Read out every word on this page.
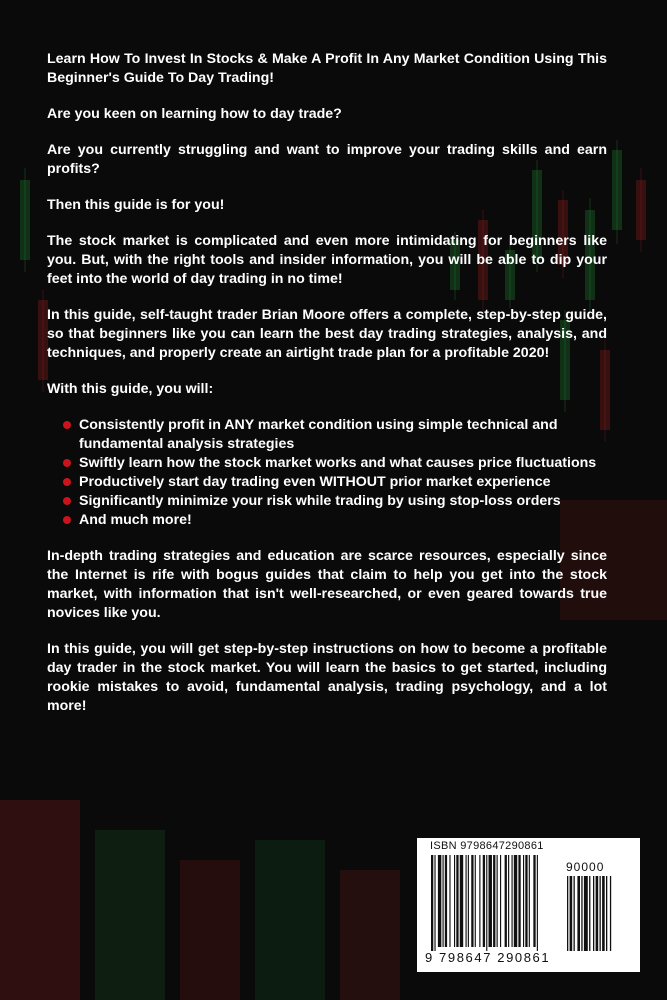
Learn How To Invest In Stocks & Make A Profit In Any Market Condition Using This Beginner's Guide To Day Trading!

Are you keen on learning how to day trade?

Are you currently struggling and want to improve your trading skills and earn profits?

Then this guide is for you!

The stock market is complicated and even more intimidating for beginners like you. But, with the right tools and insider information, you will be able to dip your feet into the world of day trading in no time!

In this guide, self-taught trader Brian Moore offers a complete, step-by-step guide, so that beginners like you can learn the best day trading strategies, analysis, and techniques, and properly create an airtight trade plan for a profitable 2020!

With this guide, you will:

Consistently profit in ANY market condition using simple technical and fundamental analysis strategies
Swiftly learn how the stock market works and what causes price fluctuations
Productively start day trading even WITHOUT prior market experience
Significantly minimize your risk while trading by using stop-loss orders
And much more!

In-depth trading strategies and education are scarce resources, especially since the Internet is rife with bogus guides that claim to help you get into the stock market, with information that isn't well-researched, or even geared towards true novices like you.

In this guide, you will get step-by-step instructions on how to become a profitable day trader in the stock market. You will learn the basics to get started, including rookie mistakes to avoid, fundamental analysis, trading psychology, and a lot more!

ISBN 9798647290861
90000
9 798647 290861
